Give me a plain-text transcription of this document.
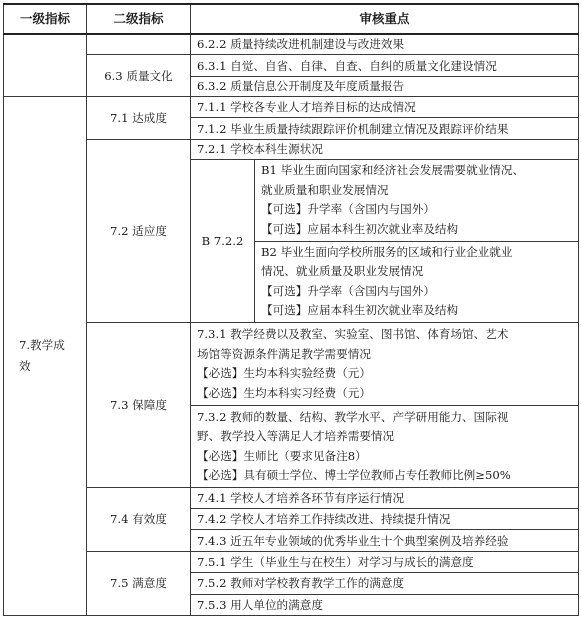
一级指标	二级指标	审核重点	
		6.2.2 质量持续改进机制建设与改进效果	
	6.3 质量文化	6.3.1 自觉、自省、自律、自查、自纠的质量文化建设情况	
		6.3.2 质量信息公开制度及年度质量报告	

7.教学成效	7.1 达成度	7.1.1 学校各专业人才培养目标的达成情况	
		7.1.2 毕业生质量持续跟踪评价机制建立情况及跟踪评价结果	
	7.2 适应度	7.2.1 学校本科生源状况	
		B 7.2.2	B1 毕业生面向国家和经济社会发展需要就业情况、
就业质量和职业发展情况
【可选】升学率（含国内与国外）
【可选】应届本科生初次就业率及结构

			B2 毕业生面向学校所服务的区域和行业企业就业
情况、就业质量及职业发展情况
【可选】升学率（含国内与国外）
【可选】应届本科生初次就业率及结构

	7.3 保障度	7.3.1 教学经费以及教室、实验室、图书馆、体育场馆、艺术
场馆等资源条件满足教学需要情况
【必选】生均本科实验经费（元）
【必选】生均本科实习经费（元）	

		7.3.2 教师的数量、结构、教学水平、产学研用能力、国际视
野、教学投入等满足人才培养需要情况
【必选】生师比（要求见备注8）
【必选】具有硕士学位、博士学位教师占专任教师比例≥50%	

	7.4 有效度	7.4.1 学校人才培养各环节有序运行情况	
		7.4.2 学校人才培养工作持续改进、持续提升情况	
		7.4.3 近五年专业领域的优秀毕业生十个典型案例及培养经验	
	7.5 满意度	7.5.1 学生（毕业生与在校生）对学习与成长的满意度	
		7.5.2 教师对学校教育教学工作的满意度	
		7.5.3 用人单位的满意度	
